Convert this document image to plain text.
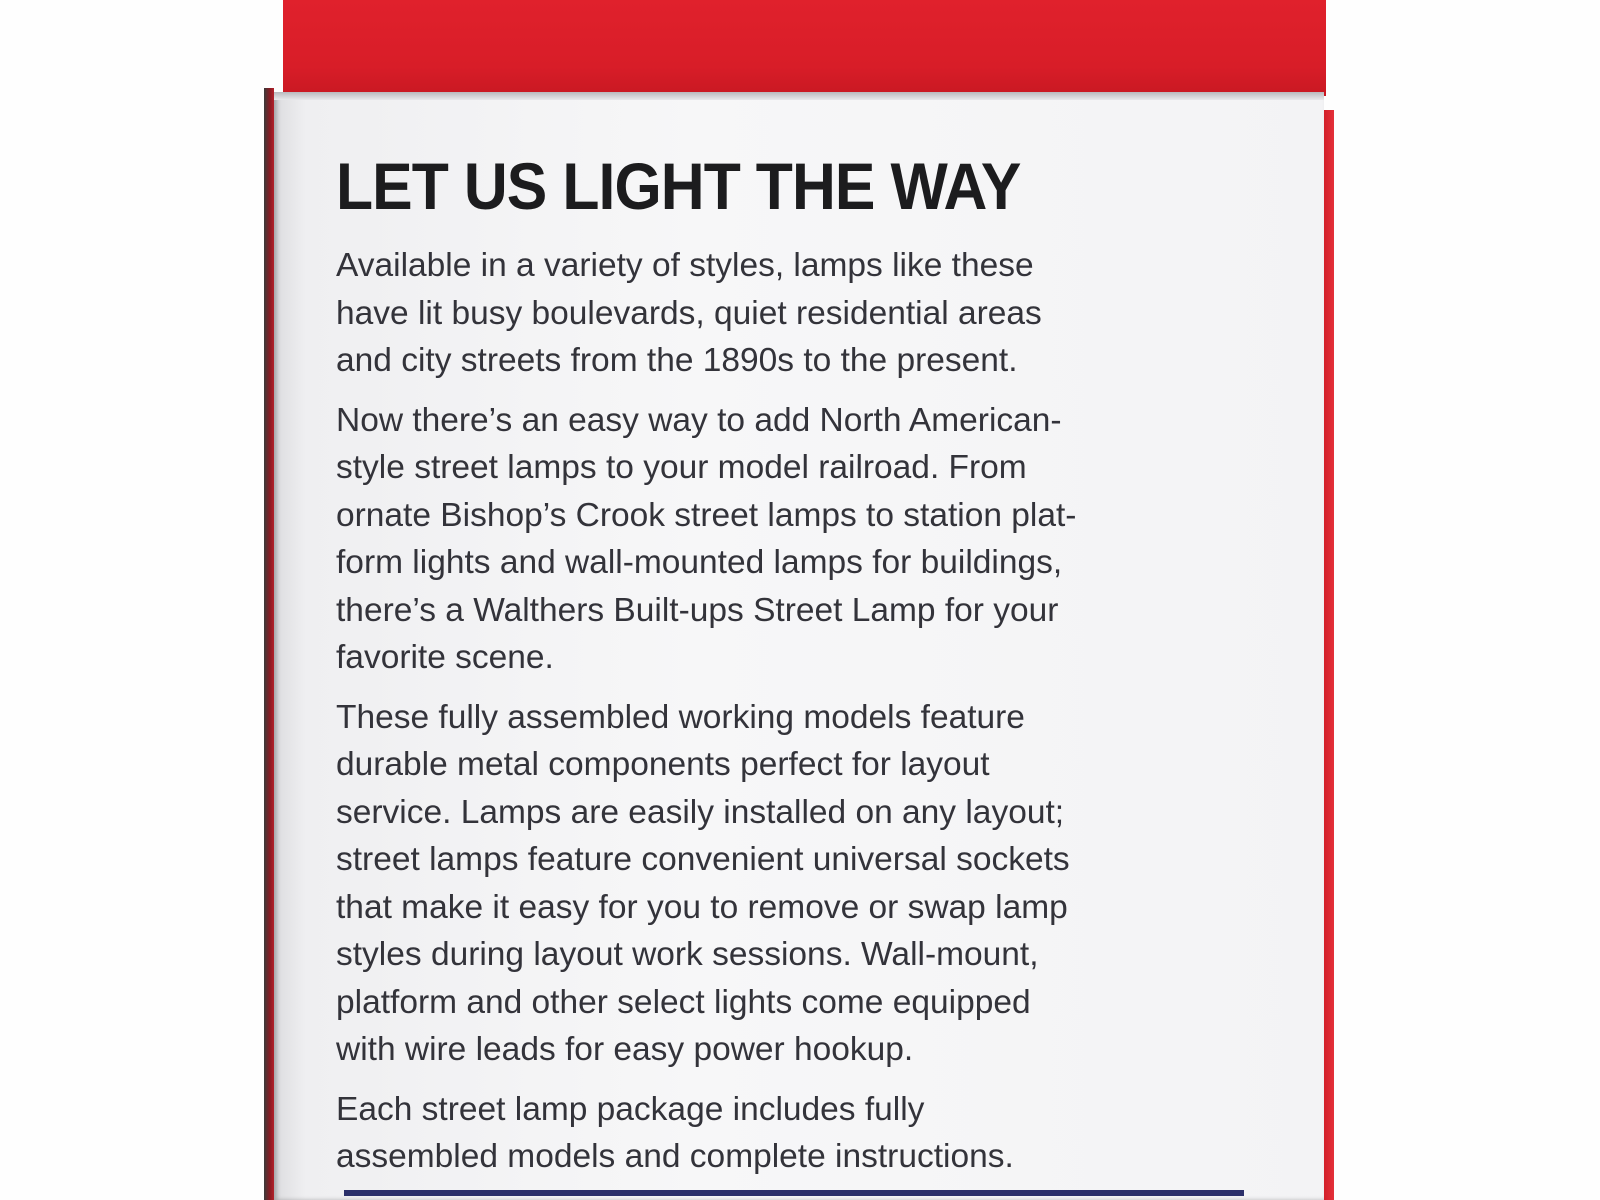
LET US LIGHT THE WAY

Available in a variety of styles, lamps like these
have lit busy boulevards, quiet residential areas
and city streets from the 1890s to the present.

Now there’s an easy way to add North American-
style street lamps to your model railroad. From
ornate Bishop’s Crook street lamps to station plat-
form lights and wall-mounted lamps for buildings,
there’s a Walthers Built-ups Street Lamp for your
favorite scene.

These fully assembled working models feature
durable metal components perfect for layout
service. Lamps are easily installed on any layout;
street lamps feature convenient universal sockets
that make it easy for you to remove or swap lamp
styles during layout work sessions. Wall-mount,
platform and other select lights come equipped
with wire leads for easy power hookup.

Each street lamp package includes fully
assembled models and complete instructions.
